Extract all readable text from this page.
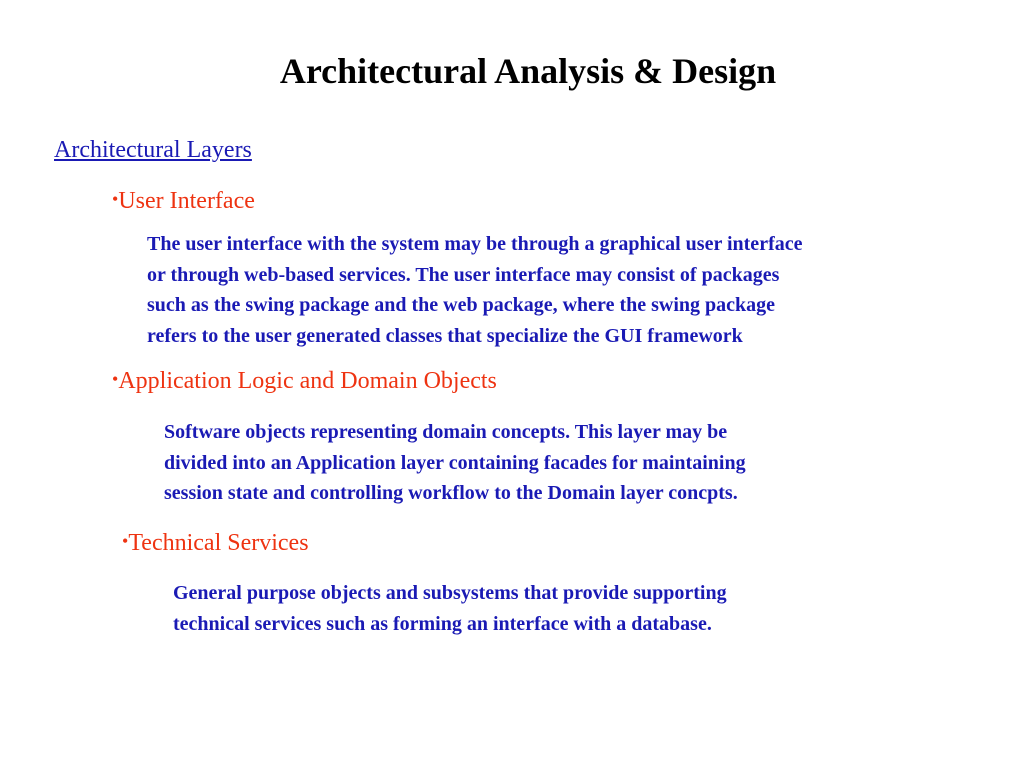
Architectural Analysis & Design
Architectural Layers
•User Interface
The user interface with the system may be through a graphical user interface
or through web-based services. The user interface may consist of packages
such as the swing package and the web package, where the swing package
refers to the user generated classes that specialize the GUI framework
•Application Logic and Domain Objects
Software objects representing domain concepts. This layer may be
divided into an Application layer containing facades for maintaining
session state and controlling workflow to the Domain layer concpts.
•Technical Services
General purpose objects and subsystems that provide supporting
technical services such as forming an interface with a database.
